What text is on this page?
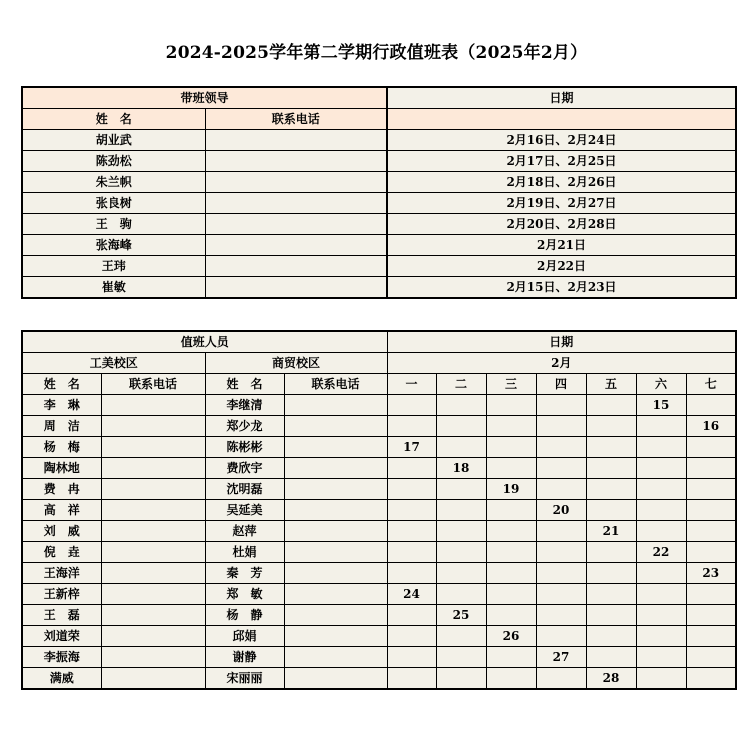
2024-2025学年第二学期行政值班表（2025年2月）
带班领导		日期
姓　名	联系电话	
胡业武		2月16日、2月24日
陈劲松		2月17日、2月25日
朱兰帜		2月18日、2月26日
张良树		2月19日、2月27日
王　驹		2月20日、2月28日
张海峰		2月21日
王玮		2月22日
崔敏		2月15日、2月23日
值班人员				日期						
工美校区		商贸校区		2月						
姓　名	联系电话	姓　名	联系电话	一	二	三	四	五	六	七
李　琳		李继清							15	
周　洁		郑少龙								16
杨　梅		陈彬彬		17						
陶林地		费欣宇			18					
费　冉		沈明磊				19				
高　祥		吴延美					20			
刘　威		赵萍						21		
倪　垚		杜娟							22	
王海洋		秦　芳								23
王新梓		郑　敏		24						
王　磊		杨　静			25					
刘道荣		邱娟				26				
李振海		谢静					27			
满威		宋丽丽						28		
